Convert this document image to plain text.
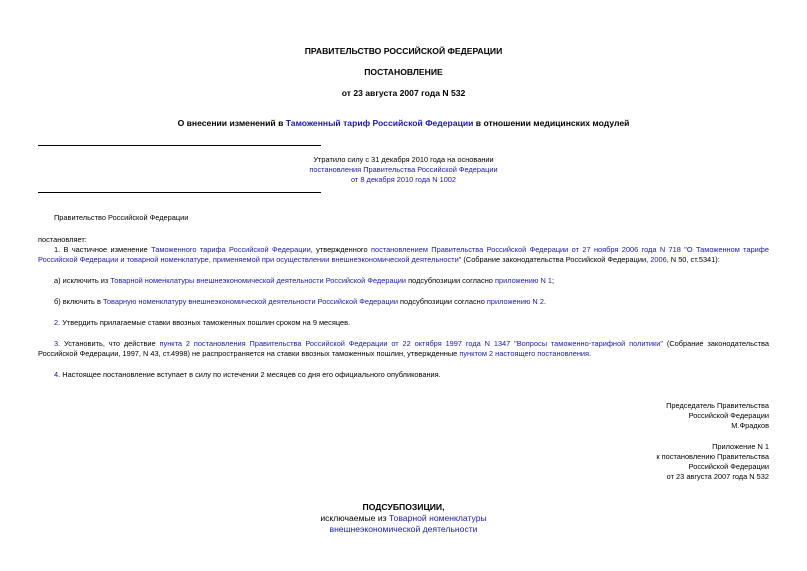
ПРАВИТЕЛЬСТВО РОССИЙСКОЙ ФЕДЕРАЦИИ
ПОСТАНОВЛЕНИЕ
от 23 августа 2007 года N 532
О внесении изменений в Таможенный тариф Российской Федерации в отношении медицинских модулей
Утратило силу с 31 декабря 2010 года на основании
постановления Правительства Российской Федерации
от 8 декабря 2010 года N 1002
Правительство Российской Федерации
постановляет:
1. В частичное изменение Таможенного тарифа Российской Федерации, утвержденного постановлением Правительства Российской Федерации от 27 ноября 2006 года N 718 "О Таможенном тарифе Российской Федерации и товарной номенклатуре, применяемой при осуществлении внешнеэкономической деятельности" (Собрание законодательства Российской Федерации, 2006, N 50, ст.5341):
а) исключить из Товарной номенклатуры внешнеэкономической деятельности Российской Федерации подсубпозиции согласно приложению N 1;
б) включить в Товарную номенклатуру внешнеэкономической деятельности Российской Федерации подсубпозиции согласно приложению N 2.
2. Утвердить прилагаемые ставки ввозных таможенных пошлин сроком на 9 месяцев.
3. Установить, что действие пункта 2 постановления Правительства Российской Федерации от 22 октября 1997 года N 1347 "Вопросы таможенно-тарифной политики" (Собрание законодательства Российской Федерации, 1997, N 43, ст.4998) не распространяется на ставки ввозных таможенных пошлин, утвержденные пунктом 2 настоящего постановления.
4. Настоящее постановление вступает в силу по истечении 2 месяцев со дня его официального опубликования.
Председатель Правительства
Российской Федерации
М.Фрадков
Приложение N 1
к постановлению Правительства
Российской Федерации
от 23 августа 2007 года N 532
ПОДСУБПОЗИЦИИ,
исключаемые из Товарной номенклатуры
внешнеэкономической деятельности
